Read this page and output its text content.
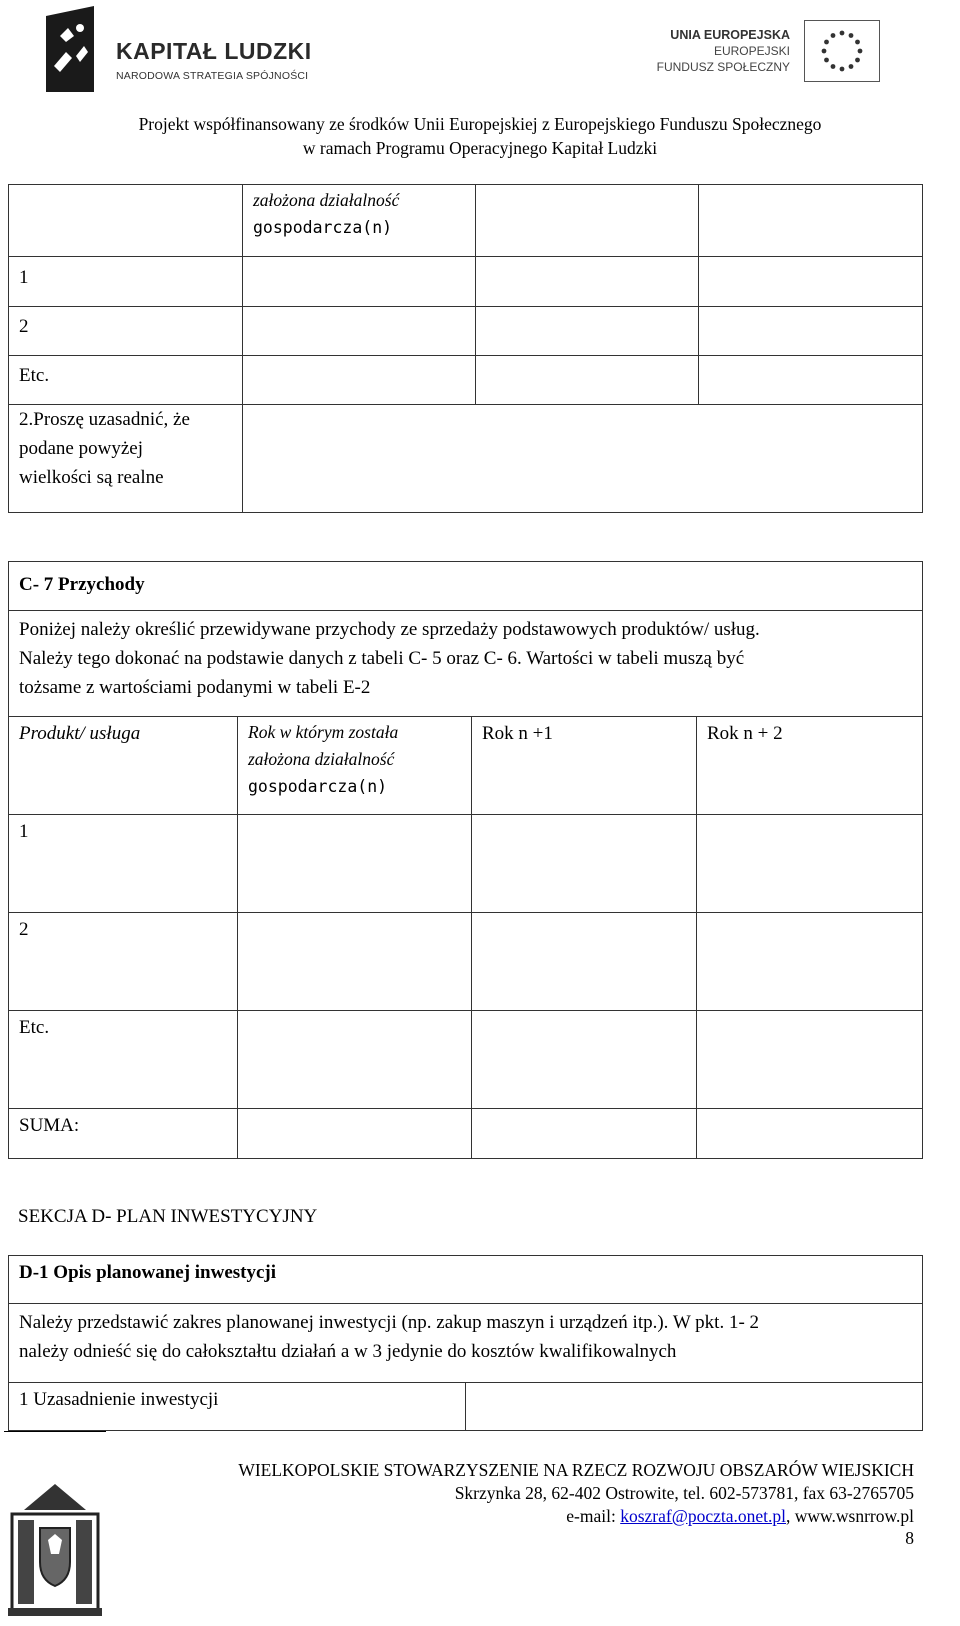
KAPITAŁ LUDZKI
NARODOWA STRATEGIA SPÓJNOŚCI
UNIA EUROPEJSKA
EUROPEJSKI
FUNDUSZ SPOŁECZNY
Projekt współfinansowany ze środków Unii Europejskiej z Europejskiego Funduszu Społecznego
w ramach Programu Operacyjnego Kapitał Ludzki

	założona działalność
gospodarcza(n)		

1			

2			

Etc.			

2.Proszę uzasadnić, że
podane powyżej
wielkości są realne			

C- 7 Przychody			

Poniżej należy określić przewidywane przychody ze sprzedaży podstawowych produktów/ usług.
Należy tego dokonać na podstawie danych z tabeli C- 5 oraz C- 6. Wartości w tabeli muszą być
tożsame z wartościami podanymi w tabeli E-2			

Produkt/ usługa	Rok w którym została
założona działalność
gospodarcza(n)	Rok n +1	Rok n + 2

1			

2			

Etc.			

SUMA:			

SEKCJA D- PLAN INWESTYCYJNY
D-1 Opis planowanej inwestycji

Należy przedstawić zakres planowanej inwestycji (np. zakup maszyn i urządzeń itp.). W pkt. 1- 2
należy odnieść się do całokształtu działań a w 3 jedynie do kosztów kwalifikowalnych

1 Uzasadnienie inwestycji

WIELKOPOLSKIE STOWARZYSZENIE NA RZECZ ROZWOJU OBSZARÓW WIEJSKICH
Skrzynka 28, 62-402 Ostrowite, tel. 602-573781, fax 63-2765705
e-mail: koszraf@poczta.onet.pl, www.wsnrrow.pl
8
